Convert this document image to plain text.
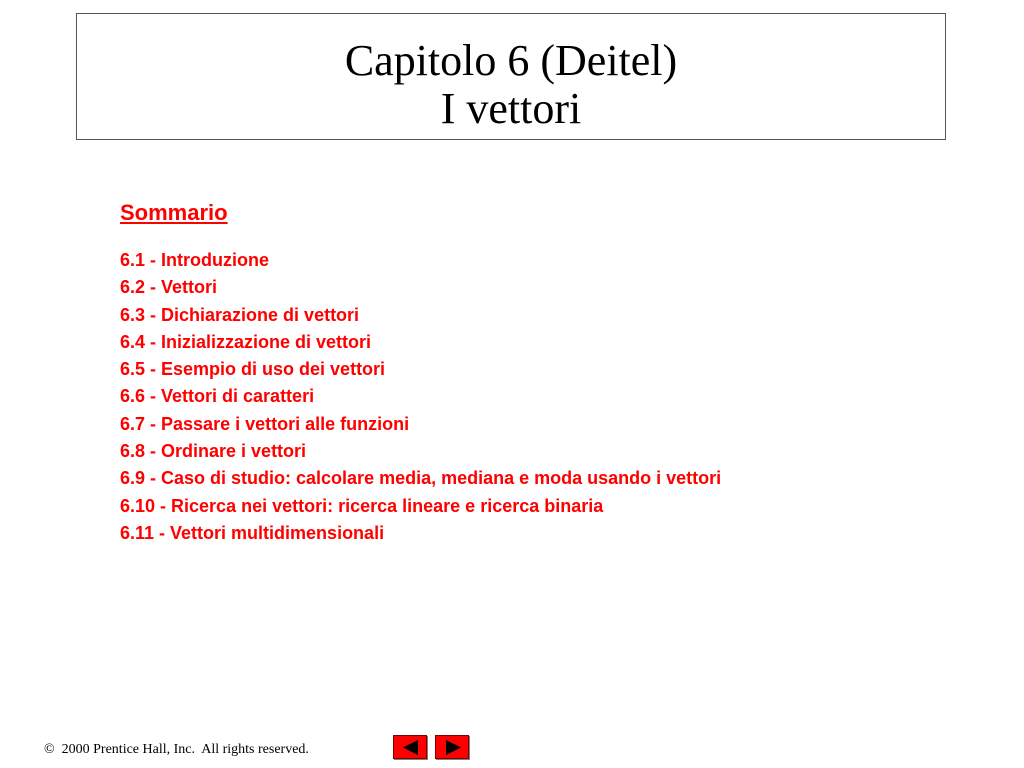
Capitolo 6 (Deitel)
I vettori
Sommario
6.1 - Introduzione
6.2 - Vettori
6.3 - Dichiarazione di vettori
6.4 - Inizializzazione di vettori
6.5 - Esempio di uso dei vettori
6.6 - Vettori di caratteri
6.7 - Passare i vettori alle funzioni
6.8 - Ordinare i vettori
6.9 - Caso di studio: calcolare media, mediana e moda usando i vettori
6.10 - Ricerca nei vettori: ricerca lineare e ricerca binaria
6.11 - Vettori multidimensionali
©  2000 Prentice Hall, Inc.  All rights reserved.
